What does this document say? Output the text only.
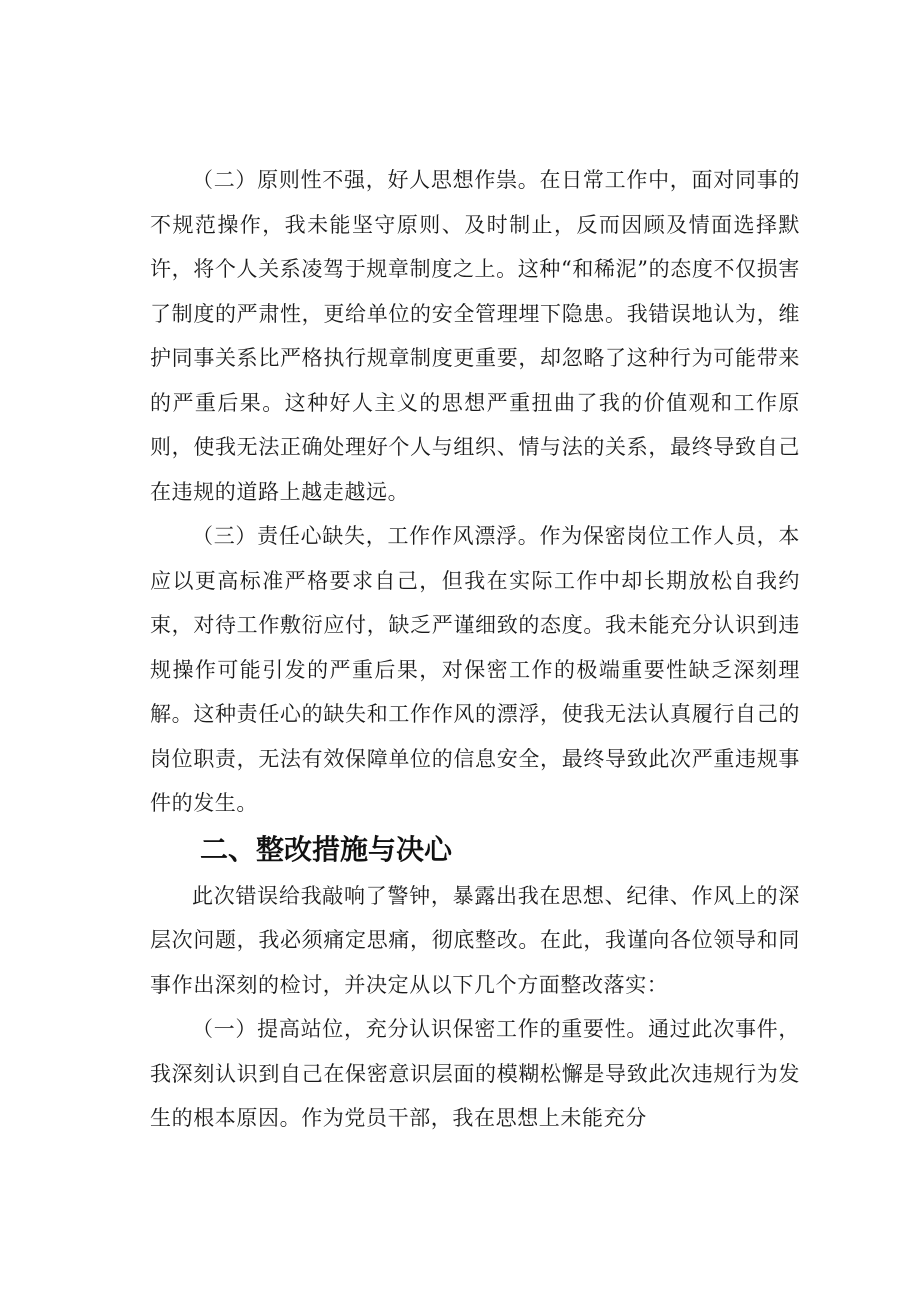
（二）原则性不强，好人思想作祟。在日常工作中，面对同事的不规范操作，我未能坚守原则、及时制止，反而因顾及情面选择默许，将个人关系凌驾于规章制度之上。这种“和稀泥”的态度不仅损害了制度的严肃性，更给单位的安全管理埋下隐患。我错误地认为，维护同事关系比严格执行规章制度更重要，却忽略了这种行为可能带来的严重后果。这种好人主义的思想严重扭曲了我的价值观和工作原则，使我无法正确处理好个人与组织、情与法的关系，最终导致自己在违规的道路上越走越远。

（三）责任心缺失，工作作风漂浮。作为保密岗位工作人员，本应以更高标准严格要求自己，但我在实际工作中却长期放松自我约束，对待工作敷衍应付，缺乏严谨细致的态度。我未能充分认识到违规操作可能引发的严重后果，对保密工作的极端重要性缺乏深刻理解。这种责任心的缺失和工作作风的漂浮，使我无法认真履行自己的岗位职责，无法有效保障单位的信息安全，最终导致此次严重违规事件的发生。

二、整改措施与决心

此次错误给我敲响了警钟，暴露出我在思想、纪律、作风上的深层次问题，我必须痛定思痛，彻底整改。在此，我谨向各位领导和同事作出深刻的检讨，并决定从以下几个方面整改落实：

（一）提高站位，充分认识保密工作的重要性。通过此次事件，我深刻认识到自己在保密意识层面的模糊松懈是导致此次违规行为发生的根本原因。作为党员干部，我在思想上未能充分
